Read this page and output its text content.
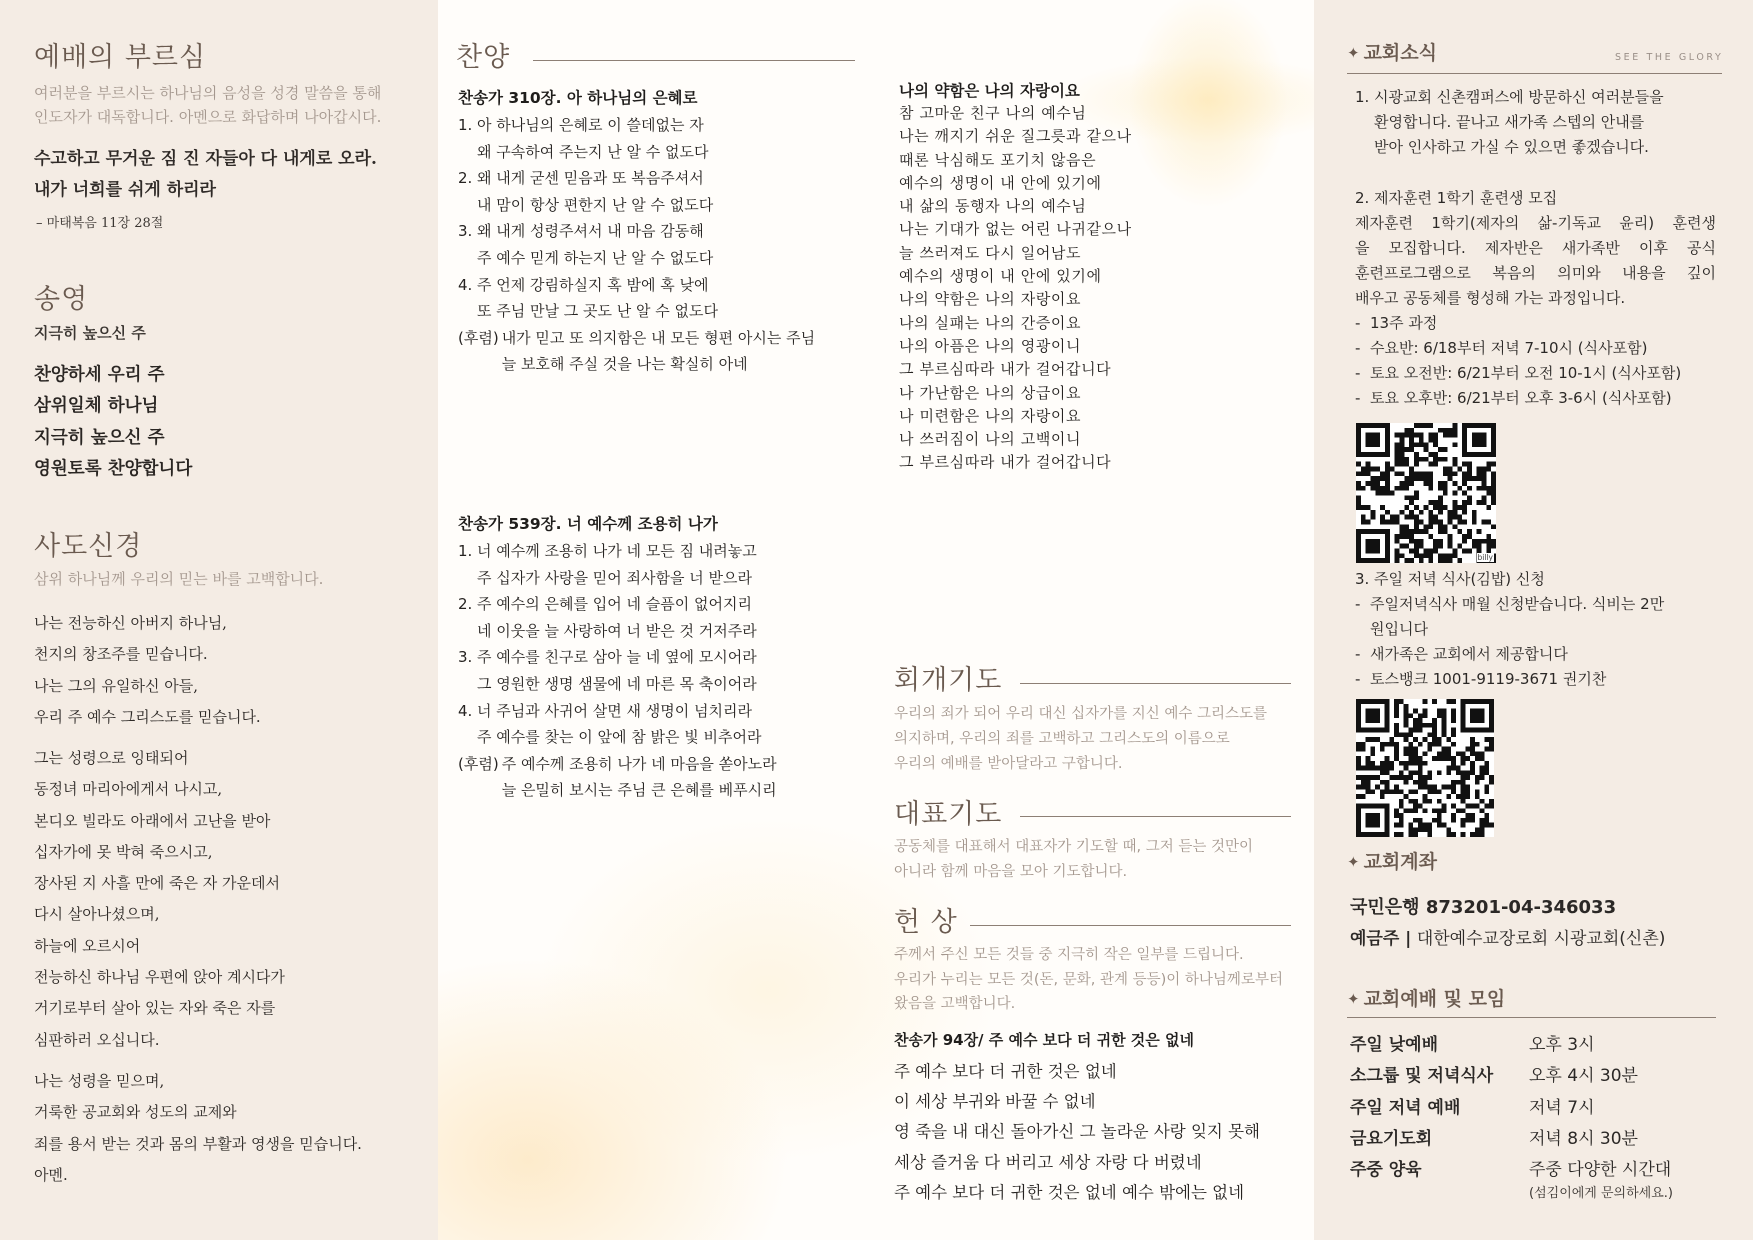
예배의 부르심
여러분을 부르시는 하나님의 음성을 성경 말씀을 통해
인도자가 대독합니다. 아멘으로 화답하며 나아갑시다.
수고하고 무거운 짐 진 자들아 다 내게로 오라.
내가 너희를 쉬게 하리라
– 마태복음 11장 28절
송영
지극히 높으신 주
찬양하세 우리 주
삼위일체 하나님
지극히 높으신 주
영원토록 찬양합니다
사도신경
삼위 하나님께 우리의 믿는 바를 고백합니다.
나는 전능하신 아버지 하나님,
천지의 창조주를 믿습니다.
나는 그의 유일하신 아들,
우리 주 예수 그리스도를 믿습니다.
그는 성령으로 잉태되어
동정녀 마리아에게서 나시고,
본디오 빌라도 아래에서 고난을 받아
십자가에 못 박혀 죽으시고,
장사된 지 사흘 만에 죽은 자 가운데서
다시 살아나셨으며,
하늘에 오르시어
전능하신 하나님 우편에 앉아 계시다가
거기로부터 살아 있는 자와 죽은 자를
심판하러 오십니다.
나는 성령을 믿으며,
거룩한 공교회와 성도의 교제와
죄를 용서 받는 것과 몸의 부활과 영생을 믿습니다.
아멘.
찬양
찬송가 310장. 아 하나님의 은혜로
1. 아 하나님의 은혜로 이 쓸데없는 자
왜 구속하여 주는지 난 알 수 없도다
2. 왜 내게 굳센 믿음과 또 복음주셔서
내 맘이 항상 편한지 난 알 수 없도다
3. 왜 내게 성령주셔서 내 마음 감동해
주 예수 믿게 하는지 난 알 수 없도다
4. 주 언제 강림하실지 혹 밤에 혹 낮에
또 주님 만날 그 곳도 난 알 수 없도다
(후렴) 내가 믿고 또 의지함은 내 모든 형편 아시는 주님
늘 보호해 주실 것을 나는 확실히 아네
나의 약함은 나의 자랑이요
참 고마운 친구 나의 예수님
나는 깨지기 쉬운 질그릇과 같으나
때론 낙심해도 포기치 않음은
예수의 생명이 내 안에 있기에
내 삶의 동행자 나의 예수님
나는 기대가 없는 어린 나귀같으나
늘 쓰러져도 다시 일어남도
예수의 생명이 내 안에 있기에
나의 약함은 나의 자랑이요
나의 실패는 나의 간증이요
나의 아픔은 나의 영광이니
그 부르심따라 내가 걸어갑니다
나 가난함은 나의 상급이요
나 미련함은 나의 자랑이요
나 쓰러짐이 나의 고백이니
그 부르심따라 내가 걸어갑니다
찬송가 539장. 너 예수께 조용히 나가
1. 너 예수께 조용히 나가 네 모든 짐 내려놓고
주 십자가 사랑을 믿어 죄사함을 너 받으라
2. 주 예수의 은혜를 입어 네 슬픔이 없어지리
네 이웃을 늘 사랑하여 너 받은 것 거저주라
3. 주 예수를 친구로 삼아 늘 네 옆에 모시어라
그 영원한 생명 샘물에 네 마른 목 축이어라
4. 너 주님과 사귀어 살면 새 생명이 넘치리라
주 예수를 찾는 이 앞에 참 밝은 빛 비추어라
(후렴) 주 예수께 조용히 나가 네 마음을 쏟아노라
늘 은밀히 보시는 주님 큰 은혜를 베푸시리
회개기도
우리의 죄가 되어 우리 대신 십자가를 지신 예수 그리스도를
의지하며, 우리의 죄를 고백하고 그리스도의 이름으로
우리의 예배를 받아달라고 구합니다.
대표기도
공동체를 대표해서 대표자가 기도할 때, 그저 듣는 것만이
아니라 함께 마음을 모아 기도합니다.
헌 상
주께서 주신 모든 것들 중 지극히 작은 일부를 드립니다.
우리가 누리는 모든 것(돈, 문화, 관계 등등)이 하나님께로부터
왔음을 고백합니다.
찬송가 94장/ 주 예수 보다 더 귀한 것은 없네
주 예수 보다 더 귀한 것은 없네
이 세상 부귀와 바꿀 수 없네
영 죽을 내 대신 돌아가신 그 놀라운 사랑 잊지 못해
세상 즐거움 다 버리고 세상 자랑 다 버렸네
주 예수 보다 더 귀한 것은 없네 예수 밖에는 없네
✦ 교회소식	SEE THE GLORY
1. 시광교회 신촌캠퍼스에 방문하신 여러분들을
환영합니다. 끝나고 새가족 스텝의 안내를
받아 인사하고 가실 수 있으면 좋겠습니다.
2. 제자훈련 1학기 훈련생 모집
제자훈련 1학기(제자의 삶-기독교 윤리) 훈련생
을 모집합니다. 제자반은 새가족반 이후 공식
훈련프로그램으로 복음의 의미와 내용을 깊이
배우고 공동체를 형성해 가는 과정입니다.
- 13주 과정
- 수요반: 6/18부터 저녁 7-10시 (식사포함)
- 토요 오전반: 6/21부터 오전 10-1시 (식사포함)
- 토요 오후반: 6/21부터 오후 3-6시 (식사포함)
billy
3. 주일 저녁 식사(김밥) 신청
- 주일저녁식사 매월 신청받습니다. 식비는 2만
원입니다
- 새가족은 교회에서 제공합니다
- 토스뱅크 1001-9119-3671 권기찬
✦ 교회계좌
국민은행 873201-04-346033
예금주 | 대한예수교장로회 시광교회(신촌)
✦ 교회예배 및 모임
주일 낮예배	오후 3시
소그룹 및 저녁식사 오후 4시 30분
주일 저녁 예배	저녁 7시
금요기도회	저녁 8시 30분
주중 양육	주중 다양한 시간대
(섬김이에게 문의하세요.)
